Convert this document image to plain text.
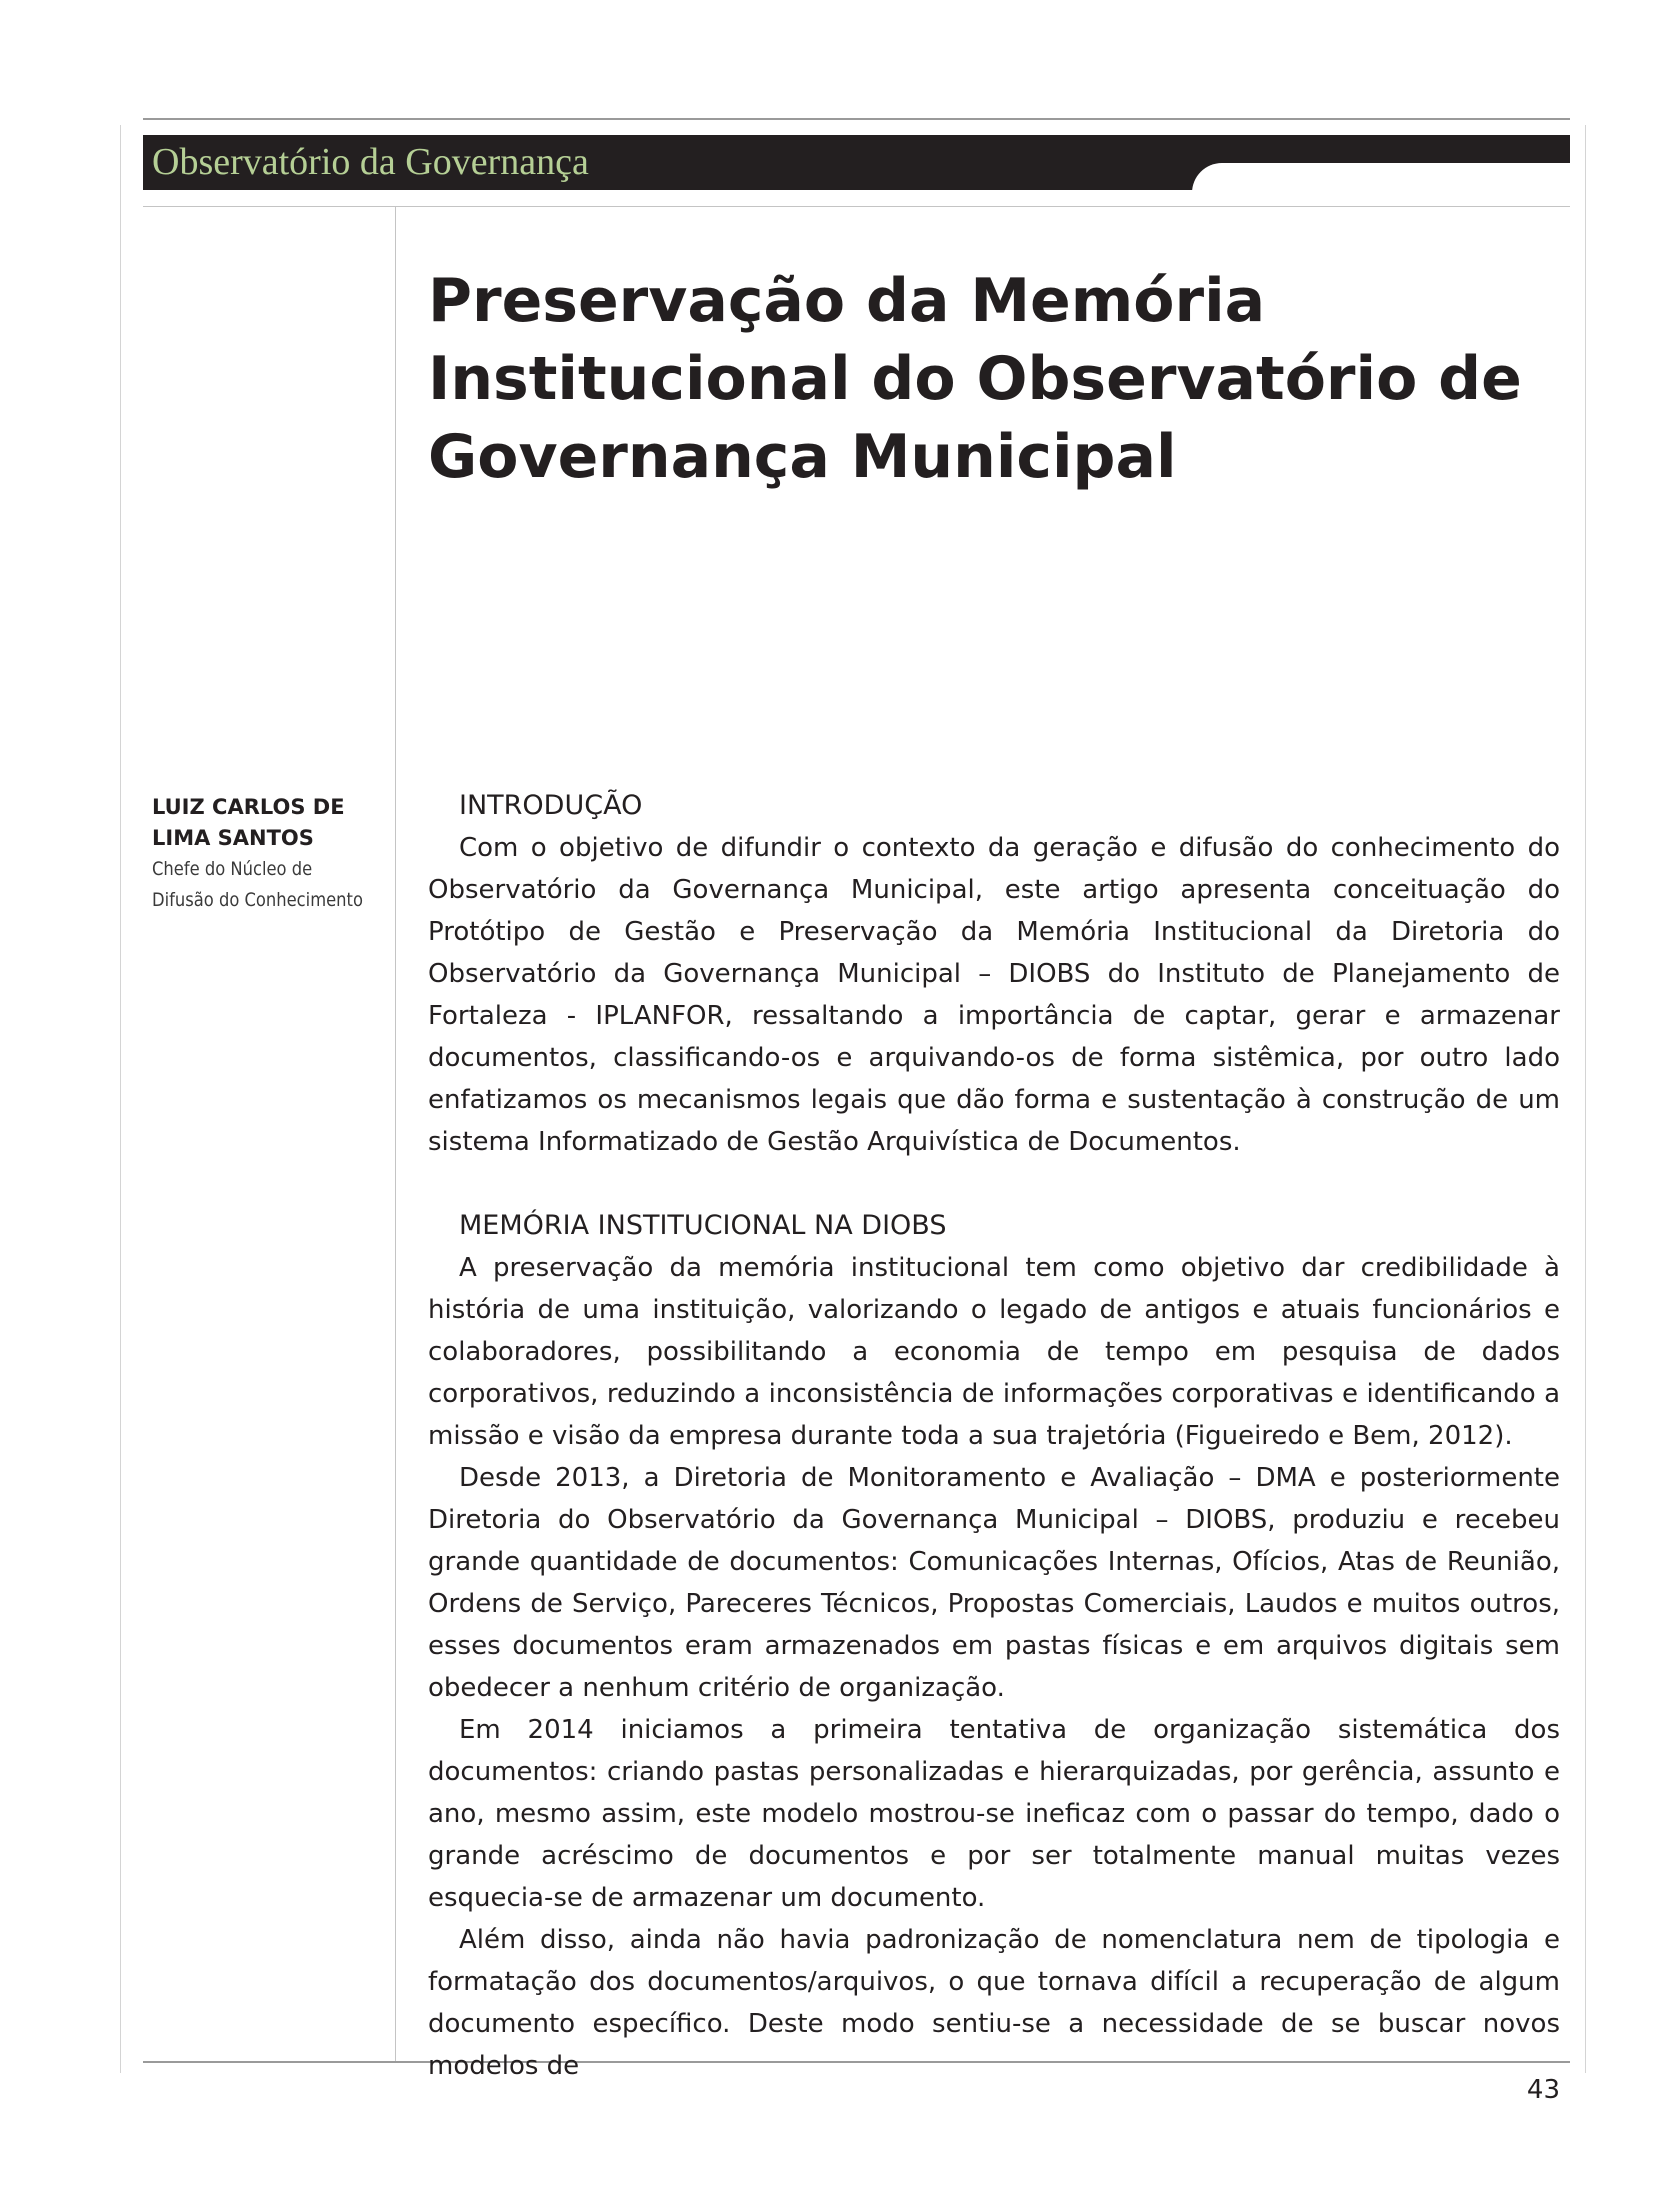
Observatório da Governança
Preservação da Memória Institucional do Observatório de Governança Municipal
LUIZ CARLOS DE
LIMA SANTOS
Chefe do Núcleo de
Difusão do Conhecimento
INTRODUÇÃO

Com o objetivo de difundir o contexto da geração e difusão do conhecimento do Observatório da Governança Municipal, este artigo apresenta conceituação do Protótipo de Gestão e Preservação da Memória Institucional da Diretoria do Observatório da Governança Municipal – DIOBS do Instituto de Planejamento de Fortaleza - IPLANFOR, ressaltando a importância de captar, gerar e armazenar documentos, classificando-os e arquivando-os de forma sistêmica, por outro lado enfatizamos os mecanismos legais que dão forma e sustentação à construção de um sistema Informatizado de Gestão Arquivística de Documentos.

MEMÓRIA INSTITUCIONAL NA DIOBS

A preservação da memória institucional tem como objetivo dar credibilidade à história de uma instituição, valorizando o legado de antigos e atuais funcionários e colaboradores, possibilitando a economia de tempo em pesquisa de dados corporativos, reduzindo a inconsistência de informações corporativas e identificando a missão e visão da empresa durante toda a sua trajetória (Figueiredo e Bem, 2012).

Desde 2013, a Diretoria de Monitoramento e Avaliação – DMA e posteriormente Diretoria do Observatório da Governança Municipal – DIOBS, produziu e recebeu grande quantidade de documentos: Comunicações Internas, Ofícios, Atas de Reunião, Ordens de Serviço, Pareceres Técnicos, Propostas Comerciais, Laudos e muitos outros, esses documentos eram armazenados em pastas físicas e em arquivos digitais sem obedecer a nenhum critério de organização.

Em 2014 iniciamos a primeira tentativa de organização sistemática dos documentos: criando pastas personalizadas e hierarquizadas, por gerência, assunto e ano, mesmo assim, este modelo mostrou-se ineficaz com o passar do tempo, dado o grande acréscimo de documentos e por ser totalmente manual muitas vezes esquecia-se de armazenar um documento.

Além disso, ainda não havia padronização de nomenclatura nem de tipologia e formatação dos documentos/arquivos, o que tornava difícil a recuperação de algum documento específico. Deste modo sentiu-se a necessidade de se buscar novos modelos de

43
